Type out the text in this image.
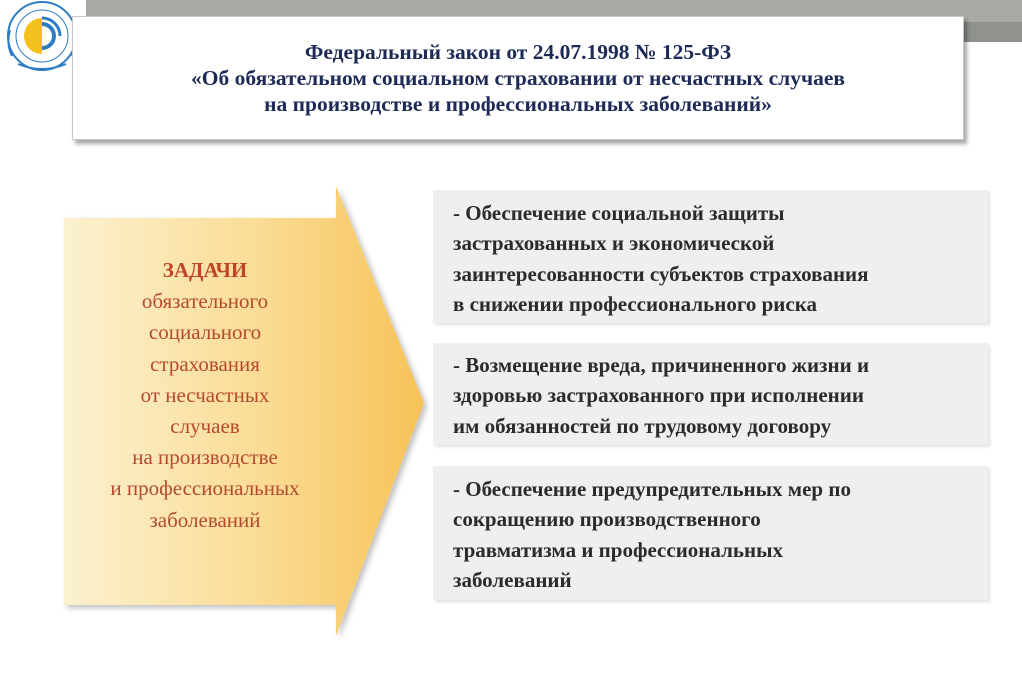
Федеральный закон от 24.07.1998 № 125-ФЗ
«Об обязательном социальном страховании от несчастных случаев
на производстве и профессиональных заболеваний»
ЗАДАЧИ
обязательного
социального
страхования
от несчастных
случаев
на производстве
и профессиональных
заболеваний
- Обеспечение социальной защиты
застрахованных и экономической
заинтересованности субъектов страхования
в снижении профессионального риска
- Возмещение вреда, причиненного жизни и
здоровью застрахованного при исполнении
им обязанностей по трудовому договору
- Обеспечение предупредительных мер по
сокращению производственного
травматизма и профессиональных
заболеваний
